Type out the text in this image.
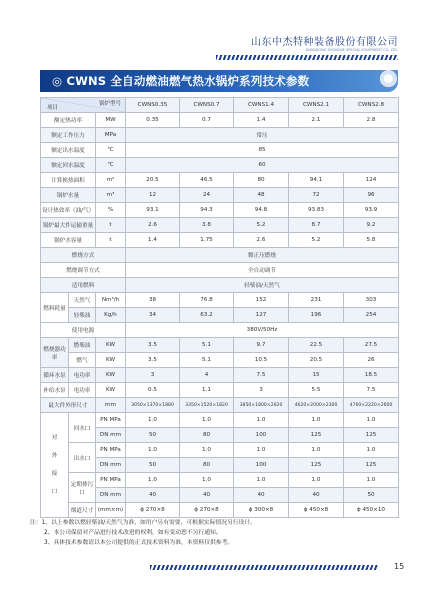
山东中杰特种装备股份有限公司
SHANDONG ZHONGJIE SPECIAL EQUIPMENT CO.,LTD.
◎ CWNS 全自动燃油燃气热水锅炉系列技术参数
锅炉型号
项目			CWNS0.35	CWNS0.7	CWNS1.4	CWNS2.1	CWNS2.8
额定热功率		MW	0.35	0.7	1.4	2.1	2.8
额定工作压力		MPa	常压				
额定出水温度		℃	85				
额定回水温度		℃	60				
计算换热面积		m²	20.5	46.5	80	94.1	124
锅炉水量		m³	12	24	48	72	96
设计热效率（油/气）		%	93.1	94.3	94.8	93.83	93.9
锅炉最大件运输重量		t	2.6	3.8	5.2	8.7	9.2
锅炉水容量		t	1.4	1.75	2.6	5.2	5.8
燃烧方式			微正压燃烧				
燃烧调节方式			全自动调节				
适用燃料			轻柴油/天然气				
燃料耗量	天然气	Nm³/h	38	76.8	152	231	303
	轻柴油	Kg/h	34	63.2	127	196	254
使用电源			380V/50Hz				
燃烧器功率	燃柴油	KW	3.5	5.1	9.7	22.5	27.5
	燃气	KW	3.5	5.1	10.5	20.5	26
循环水泵	电功率	KW	3	4	7.5	15	18.5
补给水泵	电功率	KW	0.5	1.1	3	5.5	7.5
最大件外形尺寸		mm	3050×1370×1880	3350×1520×1820	3850×1800×2020	4620×2000×2300	4760×2220×2600
对外接口	回水口	PN MPa	1.0	1.0	1.0	1.0	1.0
		DN mm	50	80	100	125	125
	出水口	PN MPa	1.0	1.0	1.0	1.0	1.0
		DN mm	50	80	100	125	125
	定期排污口	PN MPa	1.0	1.0	1.0	1.0	1.0
		DN mm	40	40	40	40	50
	烟道尺寸	(mm×m)	ϕ 270×8	ϕ 270×8	ϕ 300×8	ϕ 450×8	ϕ 450×10
注：1、以上参数以燃轻柴油/天然气为准，如用户另有需要，可根据实际情况另行设计。
2、本公司保留对产品进行技术改进的权利，如有变动恕不另行通知。
3、具体技术参数请以本公司提供的正式技术资料为准，本资料仅供参考。
15
